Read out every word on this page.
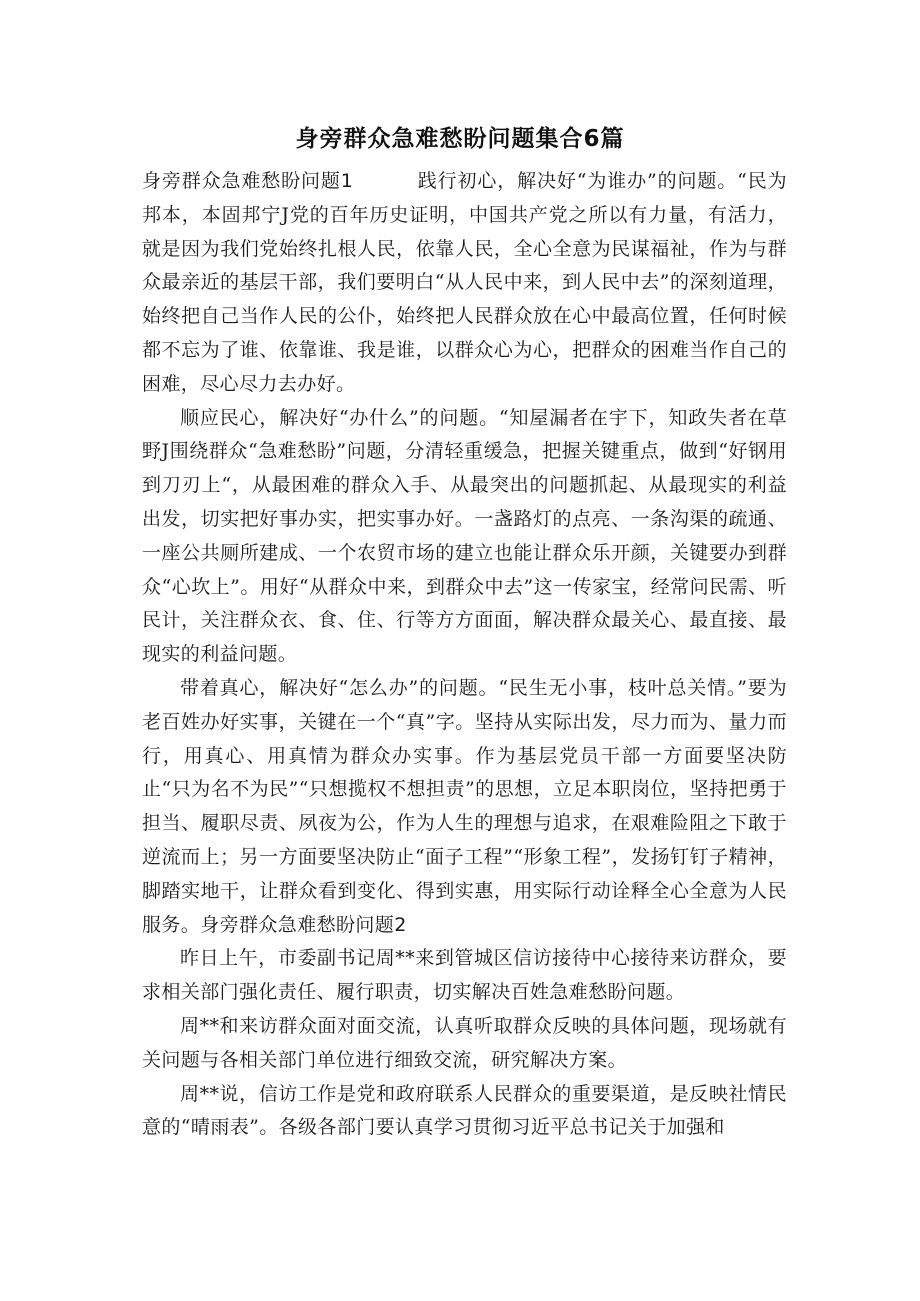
身旁群众急难愁盼问题集合6篇

身旁群众急难愁盼问题1	践行初心，解决好“为谁办”的问题。“民为邦本，本固邦宁J党的百年历史证明，中国共产党之所以有力量，有活力，就是因为我们党始终扎根人民，依靠人民，全心全意为民谋福祉，作为与群众最亲近的基层干部，我们要明白“从人民中来，到人民中去”的深刻道理，始终把自己当作人民的公仆，始终把人民群众放在心中最高位置，任何时候都不忘为了谁、依靠谁、我是谁，以群众心为心，把群众的困难当作自己的困难，尽心尽力去办好。

顺应民心，解决好“办什么”的问题。“知屋漏者在宇下，知政失者在草野J围绕群众“急难愁盼”问题，分清轻重缓急，把握关键重点，做到“好钢用到刀刃上“，从最困难的群众入手、从最突出的问题抓起、从最现实的利益出发，切实把好事办实，把实事办好。一盏路灯的点亮、一条沟渠的疏通、一座公共厕所建成、一个农贸市场的建立也能让群众乐开颜，关键要办到群众“心坎上”。用好“从群众中来，到群众中去”这一传家宝，经常问民需、听民计，关注群众衣、食、住、行等方方面面，解决群众最关心、最直接、最现实的利益问题。

带着真心，解决好“怎么办”的问题。“民生无小事，枝叶总关情。”要为老百姓办好实事，关键在一个“真”字。坚持从实际出发，尽力而为、量力而行，用真心、用真情为群众办实事。作为基层党员干部一方面要坚决防止“只为名不为民”“只想揽权不想担责”的思想，立足本职岗位，坚持把勇于担当、履职尽责、夙夜为公，作为人生的理想与追求，在艰难险阻之下敢于逆流而上；另一方面要坚决防止“面子工程”“形象工程”，发扬钉钉子精神，脚踏实地干，让群众看到变化、得到实惠，用实际行动诠释全心全意为人民服务。身旁群众急难愁盼问题2

昨日上午，市委副书记周**来到管城区信访接待中心接待来访群众，要求相关部门强化责任、履行职责，切实解决百姓急难愁盼问题。

周**和来访群众面对面交流，认真听取群众反映的具体问题，现场就有关问题与各相关部门单位进行细致交流，研究解决方案。

周**说，信访工作是党和政府联系人民群众的重要渠道，是反映社情民意的“晴雨表”。各级各部门要认真学习贯彻习近平总书记关于加强和
